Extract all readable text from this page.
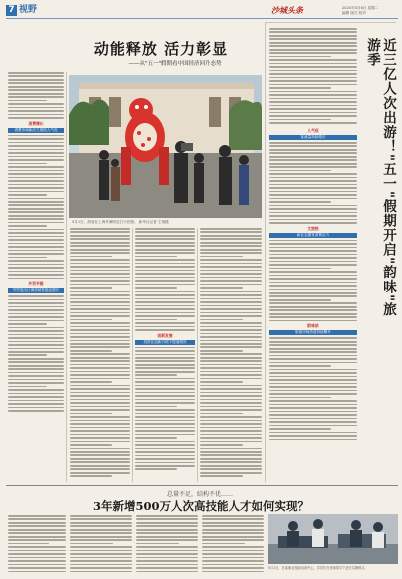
7 视野	沙城头条	2025年5月6日 星期二
编辑 版式 校对
动能释放 活力彰显
——从"五一"假期看中国经济回升态势
消费增长
消费市场新活力展现人气旺
外贸平稳
外贸进出口保持韧性稳定增长
5月1日，游客在上海外滩附近打卡拍照。 新华社记者 王翔摄
创新发展
投资在创新引领下提速增效
近三亿人次出游！"五一"假期开启"韵味"旅游季
人气旺
客流量持续增长
文旅热
新业态激发消费活力
韵味浓
旅游市场热度持续攀升
总量不足，结构不优……
3年新增500万人次高技能人才如何实现？
5月1日，在某职业技能培训中心，学员们在老师指导下进行实操练习。
